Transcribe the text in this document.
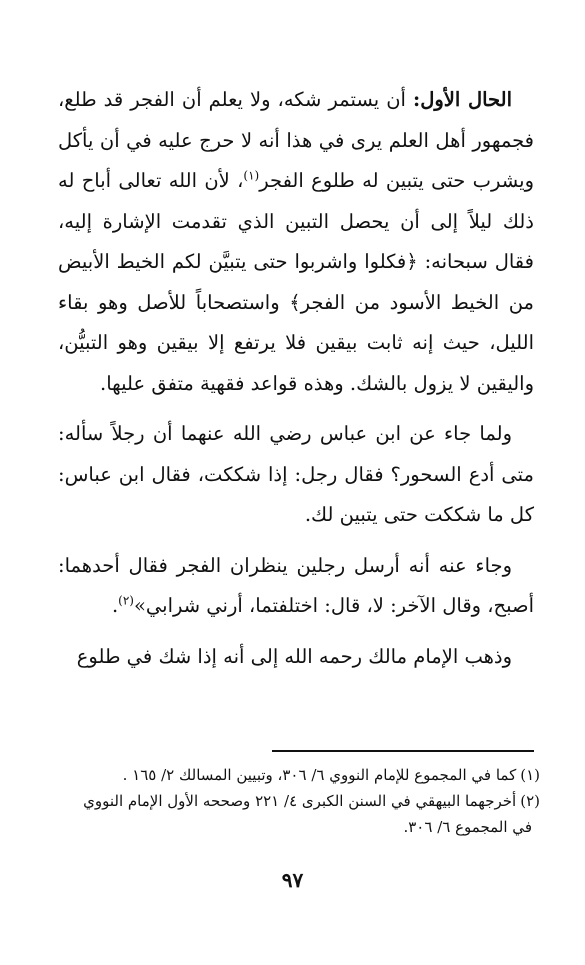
الحال الأول: أن يستمر شكه، ولا يعلم أن الفجر قد طلع، فجمهور أهل العلم يرى في هذا أنه لا حرج عليه في أن يأكل ويشرب حتى يتبين له طلوع الفجر$^{(١)}$، لأن الله تعالى أباح له ذلك ليلاً إلى أن يحصل التبين الذي تقدمت الإشارة إليه، فقال سبحانه: ﴿فكلوا واشربوا حتى يتبيَّن لكم الخيط الأبيض من الخيط الأسود من الفجر﴾ واستصحاباً للأصل وهو بقاء الليل، حيث إنه ثابت بيقين فلا يرتفع إلا بيقين وهو التبيُّن، واليقين لا يزول بالشك. وهذه قواعد فقهية متفق عليها.

ولما جاء عن ابن عباس رضي الله عنهما أن رجلاً سأله: متى أدع السحور؟ فقال رجل: إذا شككت، فقال ابن عباس: كل ما شككت حتى يتبين لك.

وجاء عنه أنه أرسل رجلين ينظران الفجر فقال أحدهما: أصبح، وقال الآخر: لا، قال: اختلفتما، أرني شرابي»$^{(٢)}$.

وذهب الإمام مالك رحمه الله إلى أنه إذا شك في طلوع

(١)كما في المجموع للإمام النووي ٦/ ٣٠٦، وتبيين المسالك ٢/ ١٦٥ .

(٢)أخرجهما البيهقي في السنن الكبرى ٤/ ٢٢١ وصححه الأول الإمام النووي
في المجموع ٦/ ٣٠٦.

٩٧
